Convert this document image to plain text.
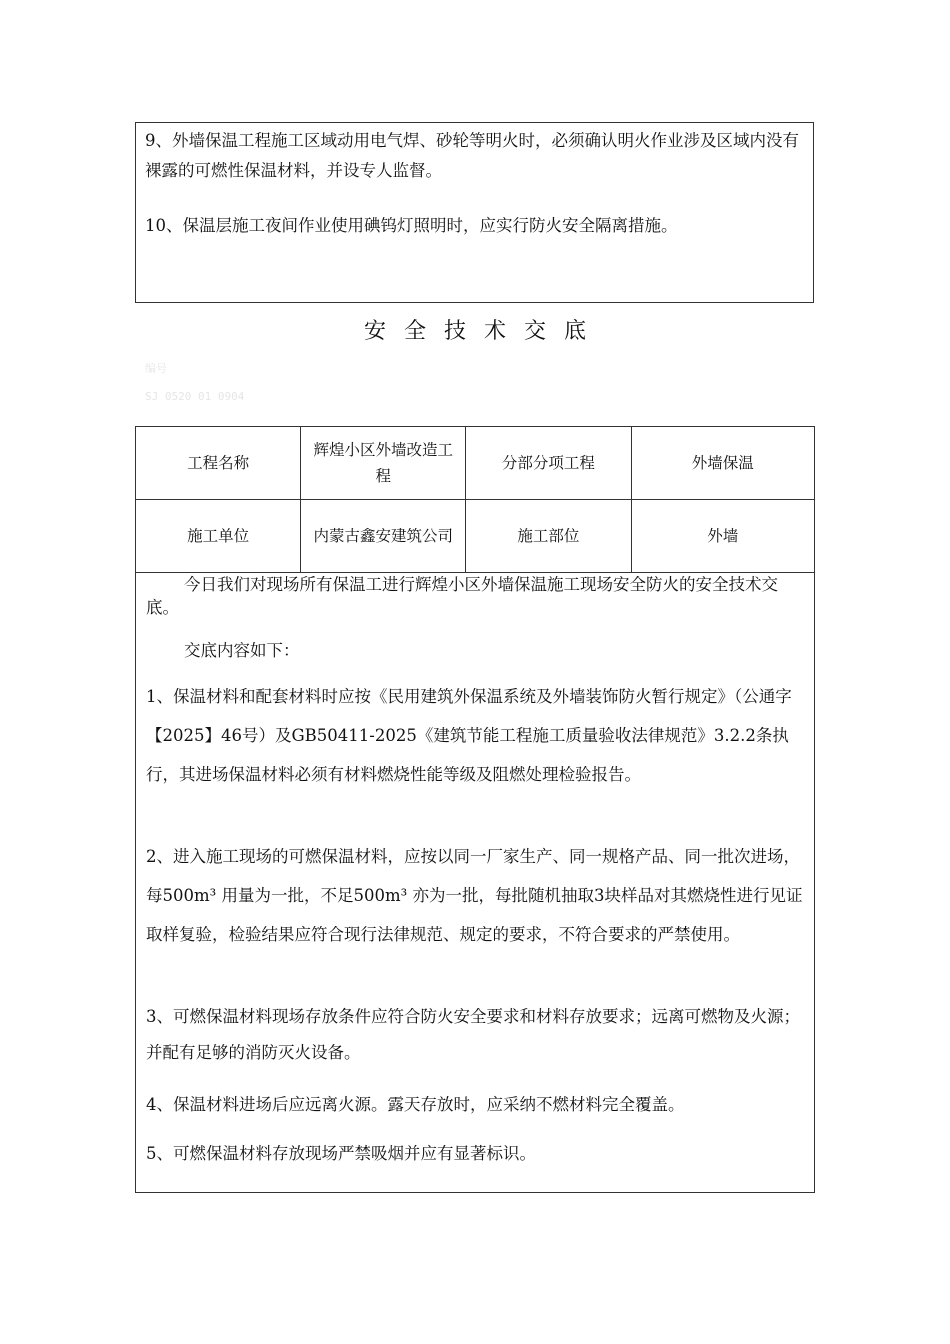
9、外墙保温工程施工区域动用电气焊、砂轮等明火时，必须确认明火作业涉及区域内没有裸露的可燃性保温材料，并设专人监督。

10、保温层施工夜间作业使用碘钨灯照明时，应实行防火安全隔离措施。

安全技术交底
编号
SJ 0520 01 0904
工程名称	辉煌小区外墙改造工程	分部分项工程	外墙保温
施工单位	内蒙古鑫安建筑公司	施工部位	外墙

今日我们对现场所有保温工进行辉煌小区外墙保温施工现场安全防火的安全技术交底。

交底内容如下：

1、保温材料和配套材料时应按《民用建筑外保温系统及外墙装饰防火暂行规定》（公通字【2025】46号）及GB50411-2025《建筑节能工程施工质量验收法律规范》3.2.2条执行，其进场保温材料必须有材料燃烧性能等级及阻燃处理检验报告。

2、进入施工现场的可燃保温材料，应按以同一厂家生产、同一规格产品、同一批次进场，每500m³ 用量为一批，不足500m³ 亦为一批，每批随机抽取3块样品对其燃烧性进行见证取样复验，检验结果应符合现行法律规范、规定的要求，不符合要求的严禁使用。

3、可燃保温材料现场存放条件应符合防火安全要求和材料存放要求；远离可燃物及火源；并配有足够的消防灭火设备。

4、保温材料进场后应远离火源。露天存放时，应采纳不燃材料完全覆盖。

5、可燃保温材料存放现场严禁吸烟并应有显著标识。
